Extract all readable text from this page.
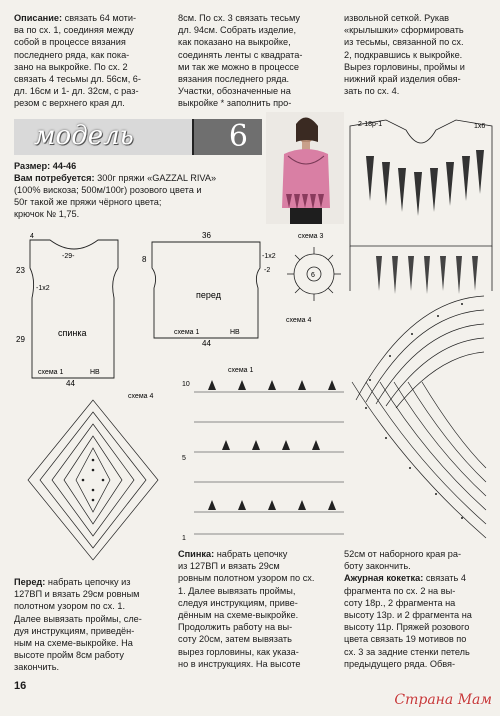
Описание: связать 64 моти-
ва по сх. 1, соединяя между
собой в процессе вязания
последнего ряда, как пока-
зано на выкройке. По сх. 2
связать 4 тесьмы дл. 56см, 6-
дл. 16см и 1- дл. 32см, с раз-
резом с верхнего края дл.
8см. По сх. 3 связать тесьму
дл. 94см. Собрать изделие,
как показано на выкройке,
соединять ленты с квадрата-
ми так же можно в процессе
вязания последнего ряда.
Участки, обозначенные на
выкройке * заполнить про-
извольной сеткой. Рукав
«крылышки» сформировать
из тесьмы, связанной по сх.
2, подкравшись к выкройке.
Вырез горловины, проймы и
нижний край изделия обвя-
зать по сх. 4.
модель	6
Размер: 44-46
Вам потребуется: 300г пряжи «GAZZAL RIVA»
(100% вискоза; 500м/100г) розового цвета и
50г такой же пряжи чёрного цвета;
крючок № 1,75.
2-18р-1	1х6
спинка
23
29
44
4
-29-
-1x2
схема 1	НВ
перед
36
8	-1x2
-2
схема 1	НВ
44
схема 3
6
схема 4
схема 4
схема 1
10
5
1
Перед: набрать цепочку из
127ВП и вязать 29см ровным
полотном узором по сх. 1.
Далее вывязать проймы, сле-
дуя инструкциям, приведён-
ным на схеме-выкройке. На
высоте пройм 8см работу
закончить.
Спинка: набрать цепочку
из 127ВП и вязать 29см
ровным полотном узором по сх.
1. Далее вывязать проймы,
следуя инструкциям, приве-
дённым на схеме-выкройке.
Продолжить работу на вы-
соту 20см, затем вывязать
вырез горловины, как указа-
но в инструкциях. На высоте
52см от наборного края ра-
боту закончить.
Ажурная кокетка: связать 4
фрагмента по сх. 2 на вы-
соту 18р., 2 фрагмента на
высоту 13р. и 2 фрагмента на
высоту 11р. Пряжей розового
цвета связать 19 мотивов по
сх. 3 за задние стенки петель
предыдущего ряда. Обвя-
16
Страна Мам
